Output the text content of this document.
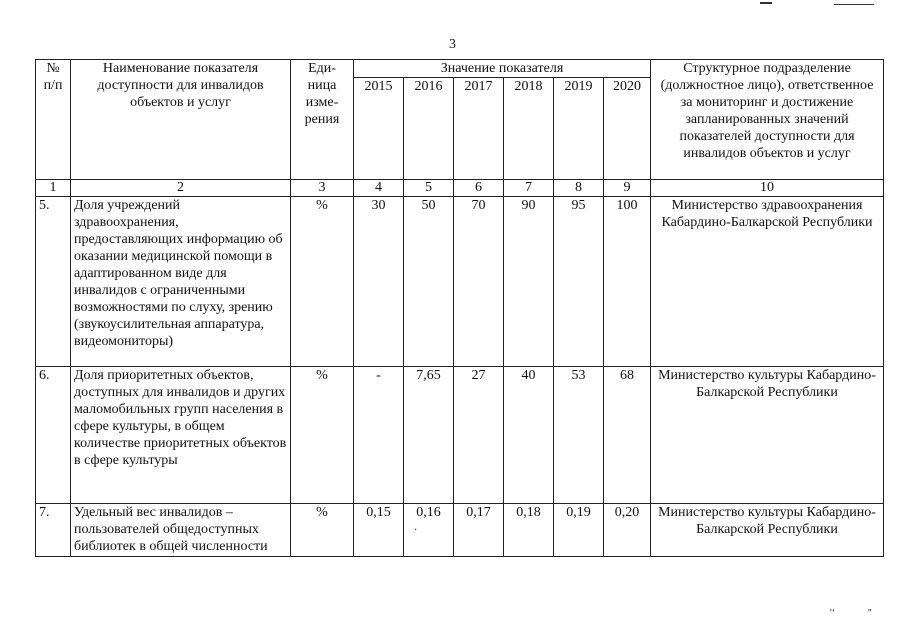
3
№ п/п	Наименование показателя доступности для инвалидов объектов и услуг	Еди-ница изме-рения	Значение показателя						Структурное подразделение (должностное лицо), ответственное за мониторинг и достижение запланированных значений показателей доступности для инвалидов объектов и услуг
			2015	2016	2017	2018	2019	2020	
1	2	3	4	5	6	7	8	9	10
5.	Доля учреждений здравоохранения, предоставляющих информацию об оказании медицинской помощи в адаптированном виде для инвалидов с ограниченными возможностями по слуху, зрению (звукоусилительная аппаратура, видеомониторы)	%	30	50	70	90	95	100	Министерство здравоохранения Кабардино-Балкарской Республики
6.	Доля приоритетных объектов, доступных для инвалидов и других маломобильных групп населения в сфере культуры, в общем количестве приоритетных объектов в сфере культуры	%	-	7,65	27	40	53	68	Министерство культуры Кабардино-Балкарской Республики
7.	Удельный вес инвалидов – пользователей общедоступных библиотек в общей численности	%	0,15	0,16	0,17	0,18	0,19	0,20	Министерство культуры Кабардино-Балкарской Республики
·
'ʻ	''
